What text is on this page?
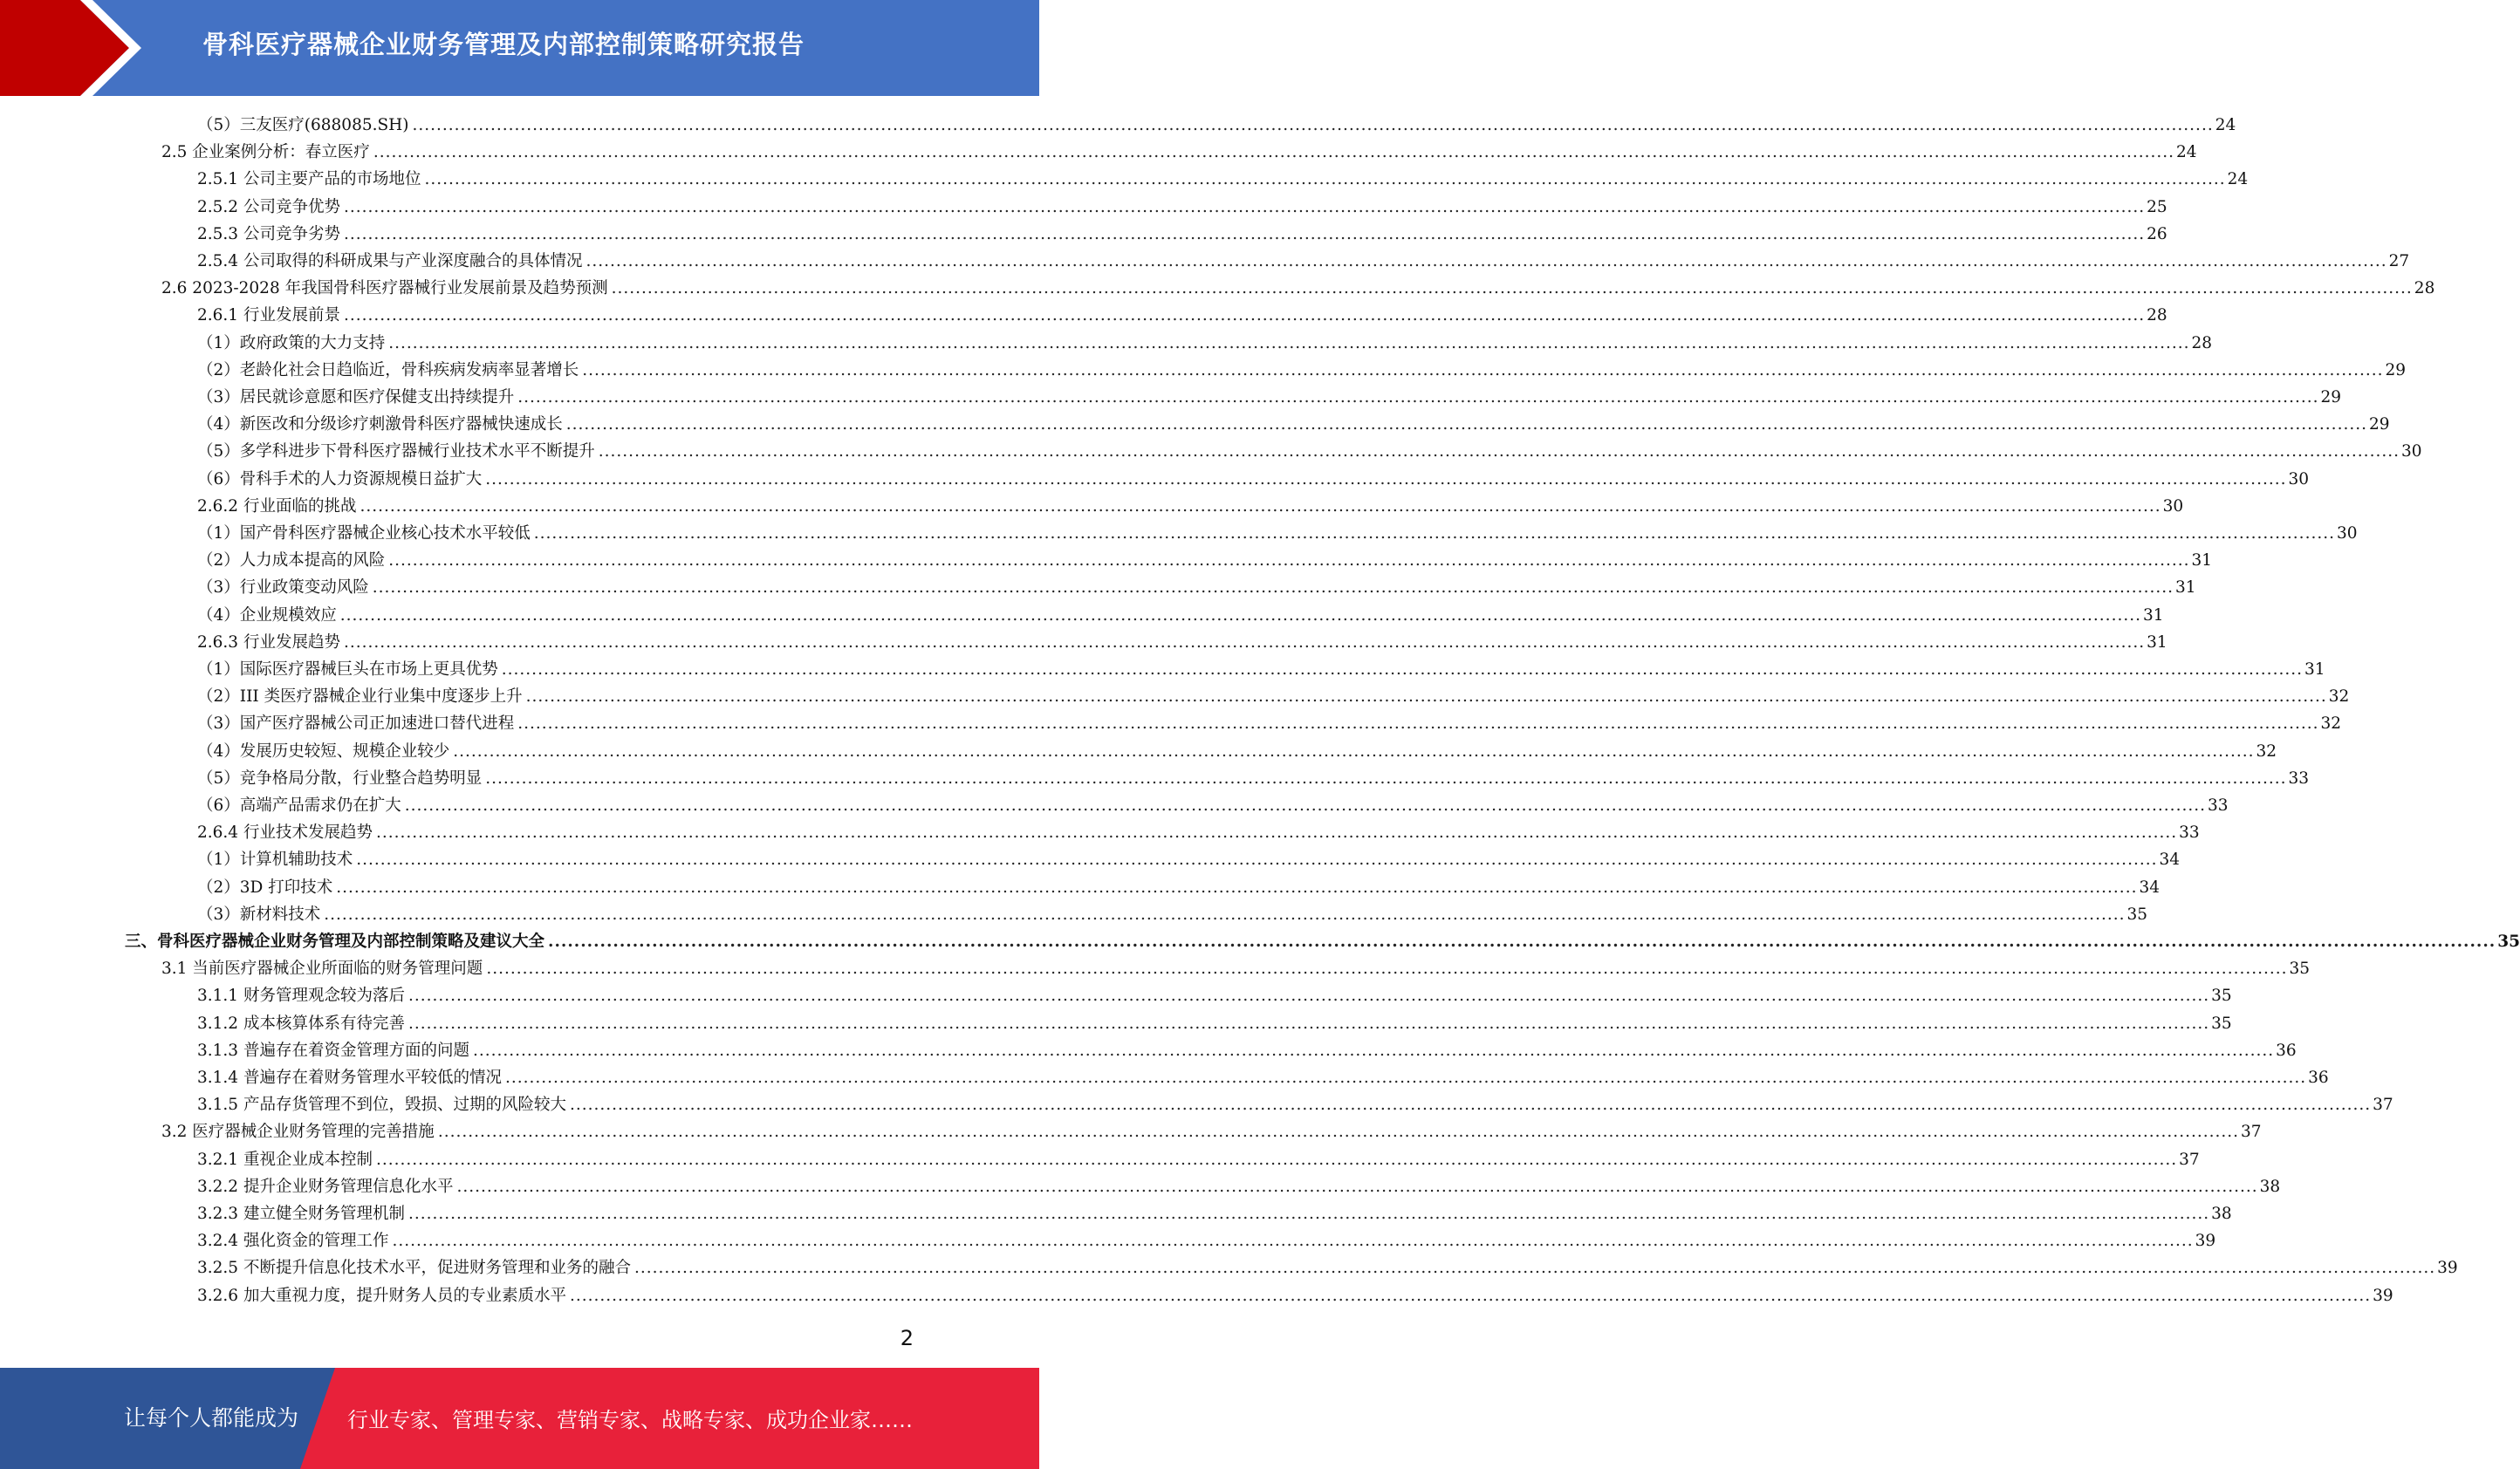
骨科医疗器械企业财务管理及内部控制策略研究报告
（5）三友医疗(688085.SH) ............................................................................................................................................................................................................................................................................................................ 24
2.5 企业案例分析：春立医疗 ............................................................................................................................................................................................................................................................................................................ 24
2.5.1 公司主要产品的市场地位 ............................................................................................................................................................................................................................................................................................................ 24
2.5.2 公司竞争优势 ............................................................................................................................................................................................................................................................................................................ 25
2.5.3 公司竞争劣势 ............................................................................................................................................................................................................................................................................................................ 26
2.5.4 公司取得的科研成果与产业深度融合的具体情况 ............................................................................................................................................................................................................................................................................................................ 27
2.6 2023-2028 年我国骨科医疗器械行业发展前景及趋势预测 ............................................................................................................................................................................................................................................................................................................ 28
2.6.1 行业发展前景 ............................................................................................................................................................................................................................................................................................................ 28
（1）政府政策的大力支持 ............................................................................................................................................................................................................................................................................................................ 28
（2）老龄化社会日趋临近，骨科疾病发病率显著增长 ............................................................................................................................................................................................................................................................................................................ 29
（3）居民就诊意愿和医疗保健支出持续提升 ............................................................................................................................................................................................................................................................................................................ 29
（4）新医改和分级诊疗刺激骨科医疗器械快速成长 ............................................................................................................................................................................................................................................................................................................ 29
（5）多学科进步下骨科医疗器械行业技术水平不断提升 ............................................................................................................................................................................................................................................................................................................ 30
（6）骨科手术的人力资源规模日益扩大 ............................................................................................................................................................................................................................................................................................................ 30
2.6.2 行业面临的挑战 ............................................................................................................................................................................................................................................................................................................ 30
（1）国产骨科医疗器械企业核心技术水平较低 ............................................................................................................................................................................................................................................................................................................ 30
（2）人力成本提高的风险 ............................................................................................................................................................................................................................................................................................................ 31
（3）行业政策变动风险 ............................................................................................................................................................................................................................................................................................................ 31
（4）企业规模效应 ............................................................................................................................................................................................................................................................................................................ 31
2.6.3 行业发展趋势 ............................................................................................................................................................................................................................................................................................................ 31
（1）国际医疗器械巨头在市场上更具优势 ............................................................................................................................................................................................................................................................................................................ 31
（2）III 类医疗器械企业行业集中度逐步上升 ............................................................................................................................................................................................................................................................................................................ 32
（3）国产医疗器械公司正加速进口替代进程 ............................................................................................................................................................................................................................................................................................................ 32
（4）发展历史较短、规模企业较少 ............................................................................................................................................................................................................................................................................................................ 32
（5）竞争格局分散，行业整合趋势明显 ............................................................................................................................................................................................................................................................................................................ 33
（6）高端产品需求仍在扩大 ............................................................................................................................................................................................................................................................................................................ 33
2.6.4 行业技术发展趋势 ............................................................................................................................................................................................................................................................................................................ 33
（1）计算机辅助技术 ............................................................................................................................................................................................................................................................................................................ 34
（2）3D 打印技术 ............................................................................................................................................................................................................................................................................................................ 34
（3）新材料技术 ............................................................................................................................................................................................................................................................................................................ 35
三、骨科医疗器械企业财务管理及内部控制策略及建议大全 ............................................................................................................................................................................................................................................................................................................ 35
3.1 当前医疗器械企业所面临的财务管理问题 ............................................................................................................................................................................................................................................................................................................ 35
3.1.1 财务管理观念较为落后 ............................................................................................................................................................................................................................................................................................................ 35
3.1.2 成本核算体系有待完善 ............................................................................................................................................................................................................................................................................................................ 35
3.1.3 普遍存在着资金管理方面的问题 ............................................................................................................................................................................................................................................................................................................ 36
3.1.4 普遍存在着财务管理水平较低的情况 ............................................................................................................................................................................................................................................................................................................ 36
3.1.5 产品存货管理不到位，毁损、过期的风险较大 ............................................................................................................................................................................................................................................................................................................ 37
3.2 医疗器械企业财务管理的完善措施 ............................................................................................................................................................................................................................................................................................................ 37
3.2.1 重视企业成本控制 ............................................................................................................................................................................................................................................................................................................ 37
3.2.2 提升企业财务管理信息化水平 ............................................................................................................................................................................................................................................................................................................ 38
3.2.3 建立健全财务管理机制 ............................................................................................................................................................................................................................................................................................................ 38
3.2.4 强化资金的管理工作 ............................................................................................................................................................................................................................................................................................................ 39
3.2.5 不断提升信息化技术水平，促进财务管理和业务的融合 ............................................................................................................................................................................................................................................................................................................ 39
3.2.6 加大重视力度，提升财务人员的专业素质水平 ............................................................................................................................................................................................................................................................................................................ 39
2
让每个人都能成为 行业专家、管理专家、营销专家、战略专家、成功企业家……
